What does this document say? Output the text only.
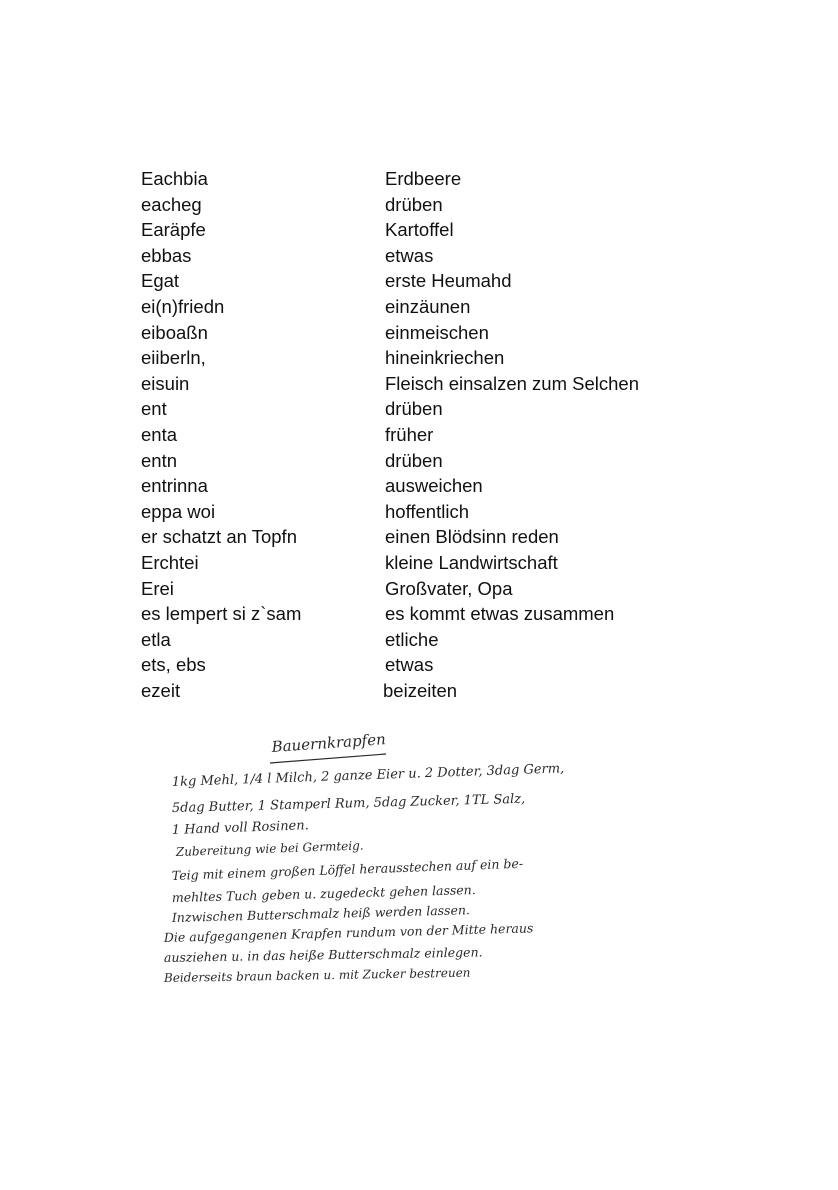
Eachbia	Erdbeere
eacheg	drüben
Earäpfe	Kartoffel
ebbas	etwas
Egat	erste Heumahd
ei(n)friedn	einzäunen
eiboaßn	einmeischen
eiiberln,	hineinkriechen
eisuin	Fleisch einsalzen zum Selchen
ent	drüben
enta	früher
entn	drüben
entrinna	ausweichen
eppa woi	hoffentlich
er schatzt an Topfn	einen Blödsinn reden
Erchtei	kleine Landwirtschaft
Erei	Großvater, Opa
es lempert si z`sam	es kommt etwas zusammen
etla	etliche
ets, ebs	etwas
ezeit	beizeiten
Bauernkrapfen
1kg Mehl, 1/4 l Milch, 2 ganze Eier u. 2 Dotter, 3dag Germ,
5dag Butter, 1 Stamperl Rum, 5dag Zucker, 1TL Salz,
1 Hand voll Rosinen.
Zubereitung wie bei Germteig.
Teig mit einem großen Löffel herausstechen auf ein be-
mehltes Tuch geben u. zugedeckt gehen lassen.
Inzwischen Butterschmalz heiß werden lassen.
Die aufgegangenen Krapfen rundum von der Mitte heraus
ausziehen u. in das heiße Butterschmalz einlegen.
Beiderseits braun backen u. mit Zucker bestreuen
